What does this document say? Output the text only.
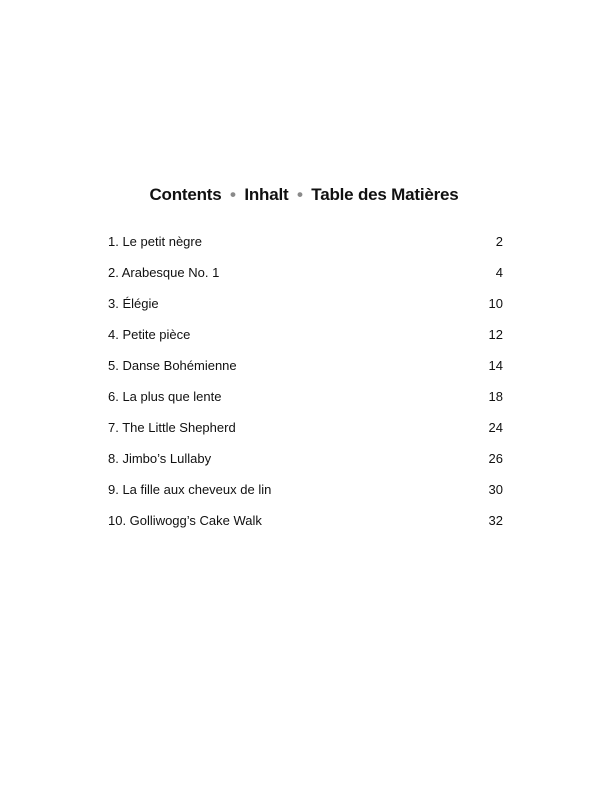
Contents • Inhalt • Table des Matières
1. Le petit nègre	2
2. Arabesque No. 1	4
3. Élégie	10
4. Petite pièce	12
5. Danse Bohémienne	14
6. La plus que lente	18
7. The Little Shepherd	24
8. Jimbo’s Lullaby	26
9. La fille aux cheveux de lin	30
10. Golliwogg’s Cake Walk	32
